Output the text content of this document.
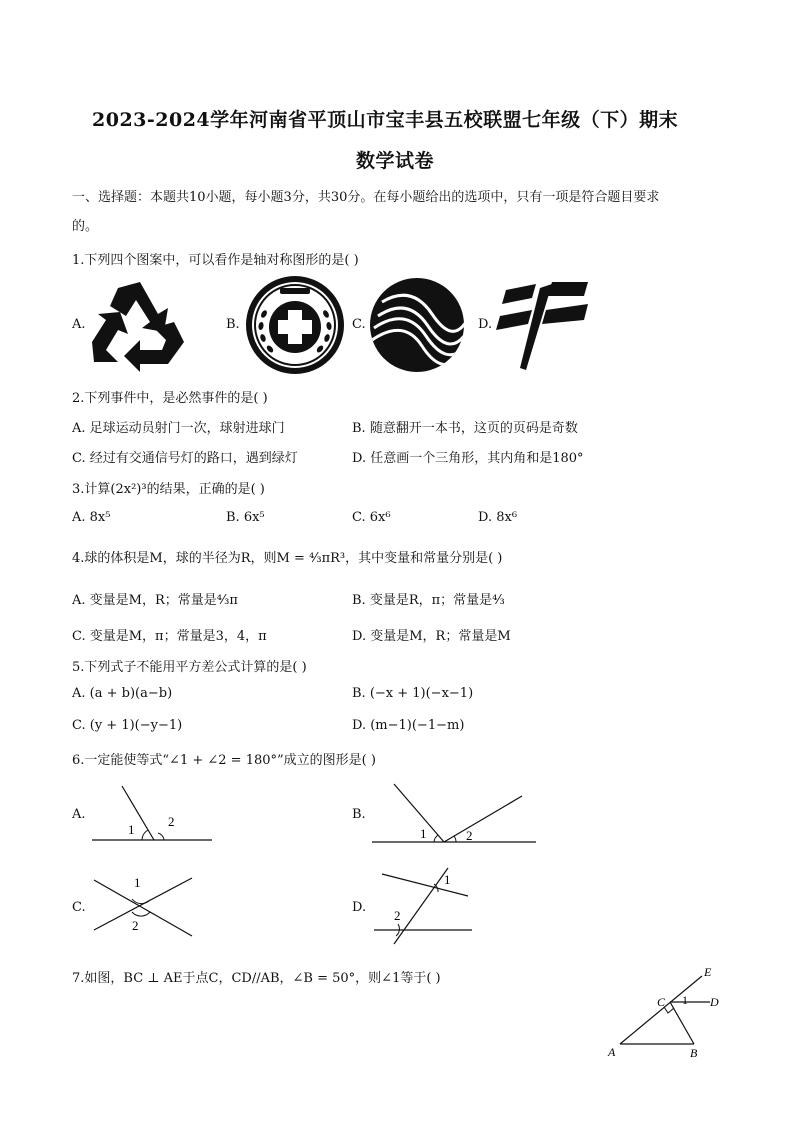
2023-2024学年河南省平顶山市宝丰县五校联盟七年级（下）期末
数学试卷
一、选择题：本题共10小题，每小题3分，共30分。在每小题给出的选项中，只有一项是符合题目要求
的。
1.下列四个图案中，可以看作是轴对称图形的是( )
A.	B.	C.	D.
2.下列事件中，是必然事件的是( )
A. 足球运动员射门一次，球射进球门	B. 随意翻开一本书，这页的页码是奇数
C. 经过有交通信号灯的路口，遇到绿灯	D. 任意画一个三角形，其内角和是180°
3.计算(2x²)³的结果，正确的是( )
A. 8x⁵	B. 6x⁵	C. 6x⁶	D. 8x⁶
4.球的体积是M，球的半径为R，则M = ⁴⁄₃πR³，其中变量和常量分别是( )
A. 变量是M，R；常量是⁴⁄₃π	B. 变量是R，π；常量是⁴⁄₃
C. 变量是M，π；常量是3，4，π	D. 变量是M，R；常量是M
5.下列式子不能用平方差公式计算的是( )
A. (a + b)(a−b)	B. (−x + 1)(−x−1)
C. (y + 1)(−y−1)	D. (m−1)(−1−m)
6.一定能使等式“∠1 + ∠2 = 180°”成立的图形是( )
A.	B.
C.	D.
1
2
1	2
1
2
1
2
7.如图，BC ⊥ AE于点C，CD//AB，∠B = 50°，则∠1等于( )	E
C 1 D
A	B
